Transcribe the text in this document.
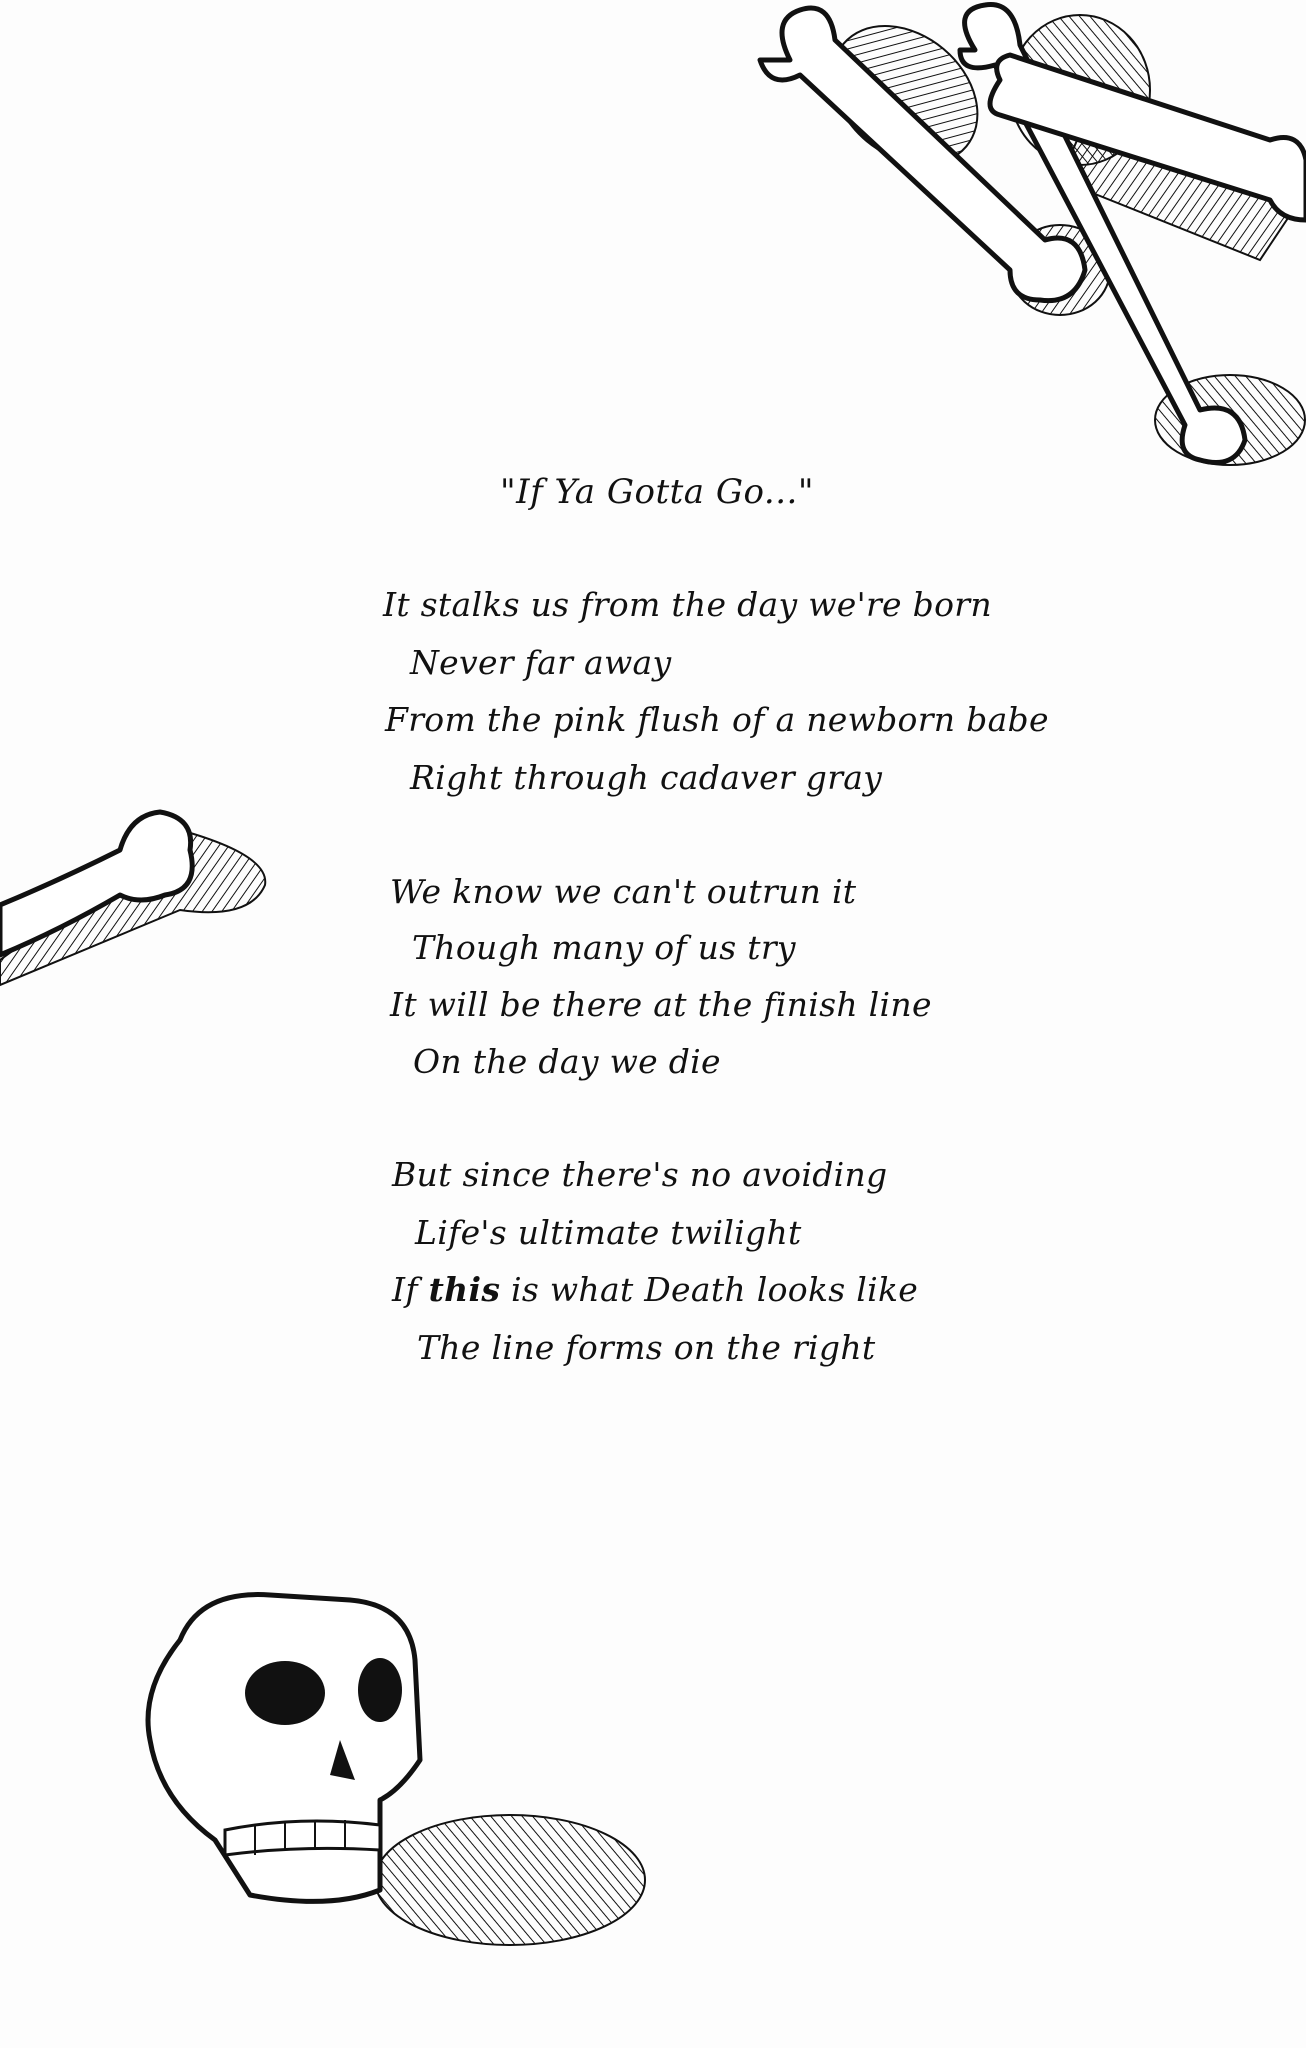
"If Ya Gotta Go..."
It stalks us from the day we're born
Never far away
From the pink flush of a newborn babe
Right through cadaver gray
We know we can't outrun it
Though many of us try
It will be there at the finish line
On the day we die
But since there's no avoiding
Life's ultimate twilight
If this is what Death looks like
The line forms on the right
